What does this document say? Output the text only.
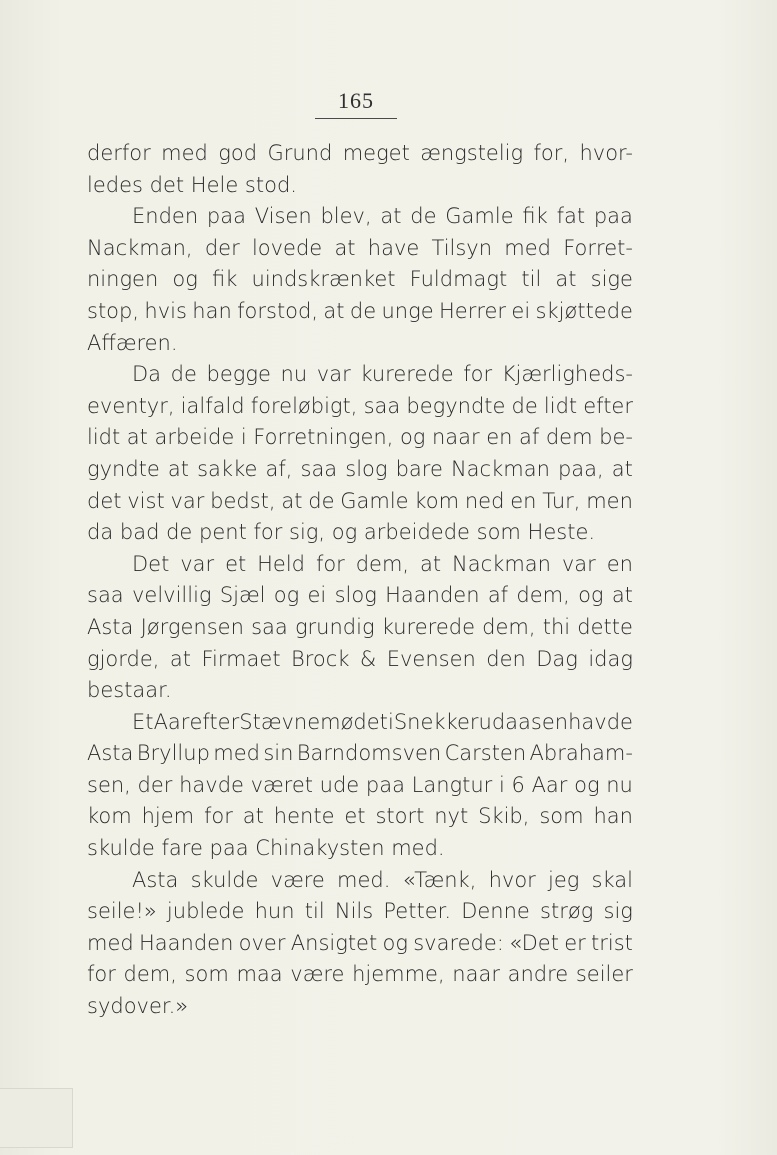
165
derfor med god Grund meget ængstelig for, hvor-
ledes det Hele stod.
Enden paa Visen blev, at de Gamle fik fat paa
Nackman, der lovede at have Tilsyn med Forret-
ningen og fik uindskrænket Fuldmagt til at sige
stop, hvis han forstod, at de unge Herrer ei skjøttede
Affæren.
Da de begge nu var kurerede for Kjærligheds-
eventyr, ialfald foreløbigt, saa begyndte de lidt efter
lidt at arbeide i Forretningen, og naar en af dem be-
gyndte at sakke af, saa slog bare Nackman paa, at
det vist var bedst, at de Gamle kom ned en Tur, men
da bad de pent for sig, og arbeidede som Heste.
Det var et Held for dem, at Nackman var en
saa velvillig Sjæl og ei slog Haanden af dem, og at
Asta Jørgensen saa grundig kurerede dem, thi dette
gjorde, at Firmaet Brock & Evensen den Dag idag
bestaar.
Et Aar efter Stævnemødet i Snekkerudaasen havde
Asta Bryllup med sin Barndomsven Carsten Abraham-
sen, der havde været ude paa Langtur i 6 Aar og nu
kom hjem for at hente et stort nyt Skib, som han
skulde fare paa Chinakysten med.
Asta skulde være med. «Tænk, hvor jeg skal
seile!» jublede hun til Nils Petter. Denne strøg sig
med Haanden over Ansigtet og svarede: «Det er trist
for dem, som maa være hjemme, naar andre seiler
sydover.»
